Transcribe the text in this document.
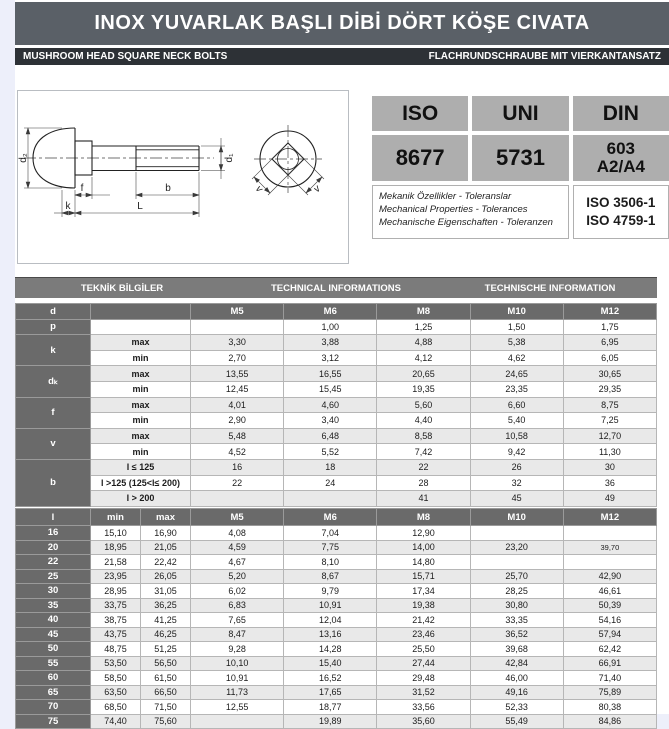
INOX YUVARLAK BAŞLI DİBİ DÖRT KÖŞE CIVATA
MUSHROOM HEAD SQUARE NECK BOLTS	FLACHRUNDSCHRAUBE MIT VIERKANTANSATZ
d₂
f	b
k	L
d₁
v	v
ISO	UNI	DIN
8677	5731	603
A2/A4
Mekanik Özellikler - Toleranslar
Mechanical Properties - Tolerances
Mechanische Eigenschaften - Toleranzen
ISO 3506-1
ISO 4759-1
TEKNİK BİLGİLER	TECHNICAL INFORMATIONS	TECHNISCHE INFORMATION
d		M5	M6	M8	M10	M12
p			1,00	1,25	1,50	1,75
k	max	3,30	3,88	4,88	5,38	6,95
	min	2,70	3,12	4,12	4,62	6,05
dₖ	max	13,55	16,55	20,65	24,65	30,65
	min	12,45	15,45	19,35	23,35	29,35
f	max	4,01	4,60	5,60	6,60	8,75
	min	2,90	3,40	4,40	5,40	7,25
v	max	5,48	6,48	8,58	10,58	12,70
	min	4,52	5,52	7,42	9,42	11,30
b	l ≤ 125	16	18	22	26	30
	l >125 (125<l≤ 200)	22	24	28	32	36
	l > 200			41	45	49
l	min	max	M5	M6	M8	M10	M12
16	15,10	16,90	4,08	7,04	12,90		
20	18,95	21,05	4,59	7,75	14,00	23,20	39,70
22	21,58	22,42	4,67	8,10	14,80		
25	23,95	26,05	5,20	8,67	15,71	25,70	42,90
30	28,95	31,05	6,02	9,79	17,34	28,25	46,61
35	33,75	36,25	6,83	10,91	19,38	30,80	50,39
40	38,75	41,25	7,65	12,04	21,42	33,35	54,16
45	43,75	46,25	8,47	13,16	23,46	36,52	57,94
50	48,75	51,25	9,28	14,28	25,50	39,68	62,42
55	53,50	56,50	10,10	15,40	27,44	42,84	66,91
60	58,50	61,50	10,91	16,52	29,48	46,00	71,40
65	63,50	66,50	11,73	17,65	31,52	49,16	75,89
70	68,50	71,50	12,55	18,77	33,56	52,33	80,38
75	74,40	75,60		19,89	35,60	55,49	84,86
